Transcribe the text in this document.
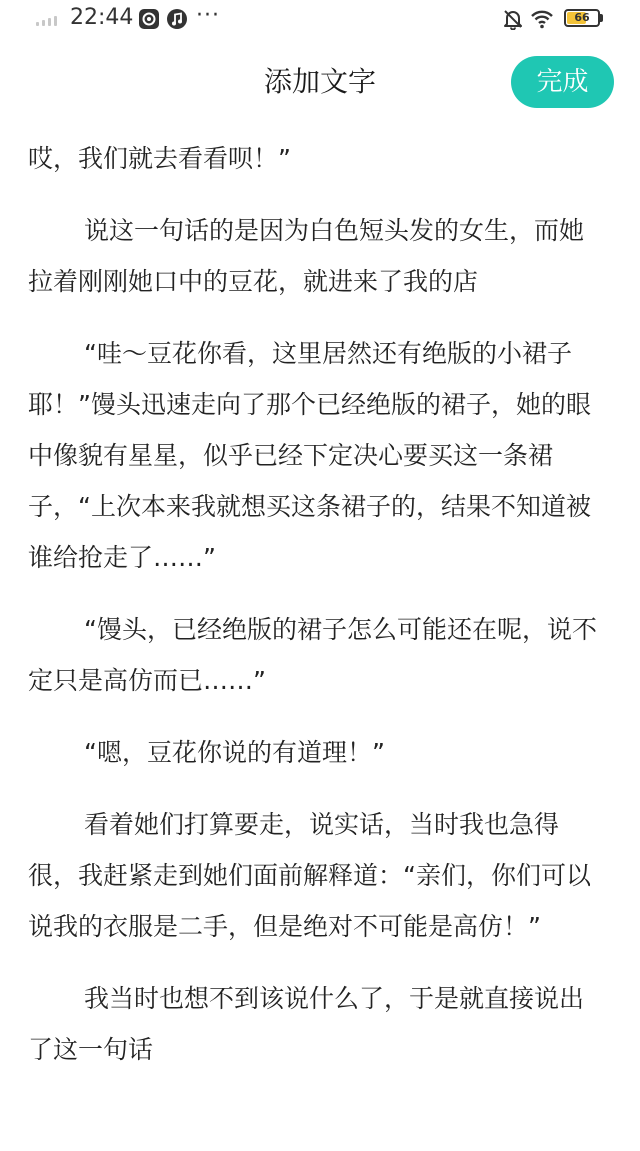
22:44	···	66
添加文字	完成

哎，我们就去看看呗！”

说这一句话的是因为白色短头发的女生，而她拉着刚刚她口中的豆花，就进来了我的店

“哇～豆花你看，这里居然还有绝版的小裙子耶！”馒头迅速走向了那个已经绝版的裙子，她的眼中像貌有星星，似乎已经下定决心要买这一条裙子，“上次本来我就想买这条裙子的，结果不知道被谁给抢走了……”

“馒头，已经绝版的裙子怎么可能还在呢，说不定只是高仿而已……”

“嗯，豆花你说的有道理！”

看着她们打算要走，说实话，当时我也急得很，我赶紧走到她们面前解释道：“亲们，你们可以说我的衣服是二手，但是绝对不可能是高仿！”

我当时也想不到该说什么了，于是就直接说出了这一句话
